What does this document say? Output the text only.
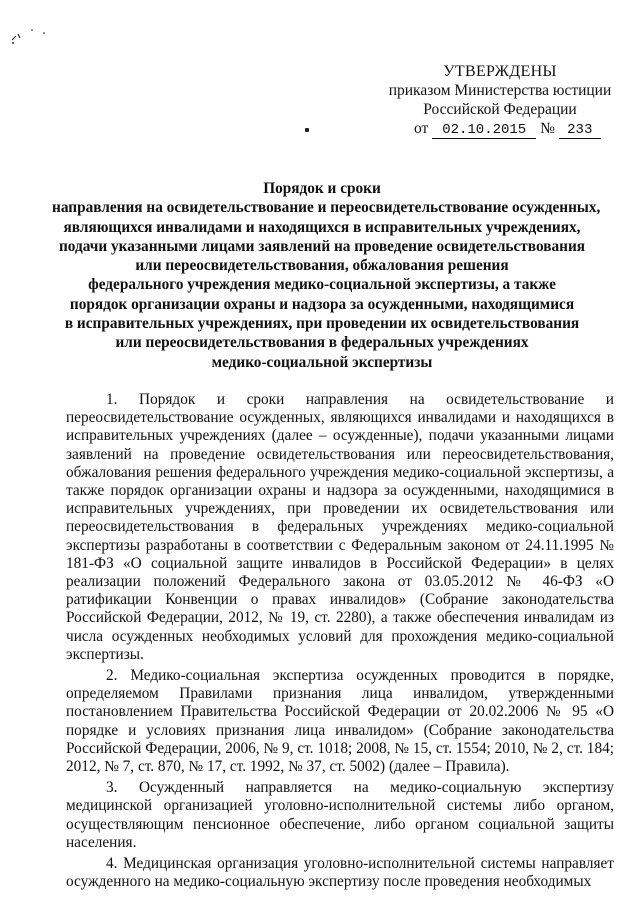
УТВЕРЖДЕНЫ
приказом Министерства юстиции
Российской Федерации
от 02.10.2015 № 233
Порядок и сроки
направления на освидетельствование и переосвидетельствование осужденных,
являющихся инвалидами и находящихся в исправительных учреждениях,
подачи указанными лицами заявлений на проведение освидетельствования
или переосвидетельствования, обжалования решения
федерального учреждения медико-социальной экспертизы, а также
порядок организации охраны и надзора за осужденными, находящимися
в исправительных учреждениях, при проведении их освидетельствования
или переосвидетельствования в федеральных учреждениях
медико-социальной экспертизы

1. Порядок и сроки направления на освидетельствование и переосвидетельствование осужденных, являющихся инвалидами и находящихся в исправительных учреждениях (далее – осужденные), подачи указанными лицами заявлений на проведение освидетельствования или переосвидетельствования, обжалования решения федерального учреждения медико-социальной экспертизы, а также порядок организации охраны и надзора за осужденными, находящимися в исправительных учреждениях, при проведении их освидетельствования или переосвидетельствования в федеральных учреждениях медико-социальной экспертизы разработаны в соответствии с Федеральным законом от 24.11.1995 № 181-ФЗ «О социальной защите инвалидов в Российской Федерации» в целях реализации положений Федерального закона от 03.05.2012 № 46-ФЗ «О ратификации Конвенции о правах инвалидов» (Собрание законодательства Российской Федерации, 2012, № 19, ст. 2280), а также обеспечения инвалидам из числа осужденных необходимых условий для прохождения медико-социальной экспертизы.

2. Медико-социальная экспертиза осужденных проводится в порядке, определяемом Правилами признания лица инвалидом, утвержденными постановлением Правительства Российской Федерации от 20.02.2006 № 95 «О порядке и условиях признания лица инвалидом» (Собрание законодательства Российской Федерации, 2006, № 9, ст. 1018; 2008, № 15, ст. 1554; 2010, № 2, ст. 184; 2012, № 7, ст. 870, № 17, ст. 1992, № 37, ст. 5002) (далее – Правила).

3. Осужденный направляется на медико-социальную экспертизу медицинской организацией уголовно-исполнительной системы либо органом, осуществляющим пенсионное обеспечение, либо органом социальной защиты населения.

4. Медицинская организация уголовно-исполнительной системы направляет осужденного на медико-социальную экспертизу после проведения необходимых
